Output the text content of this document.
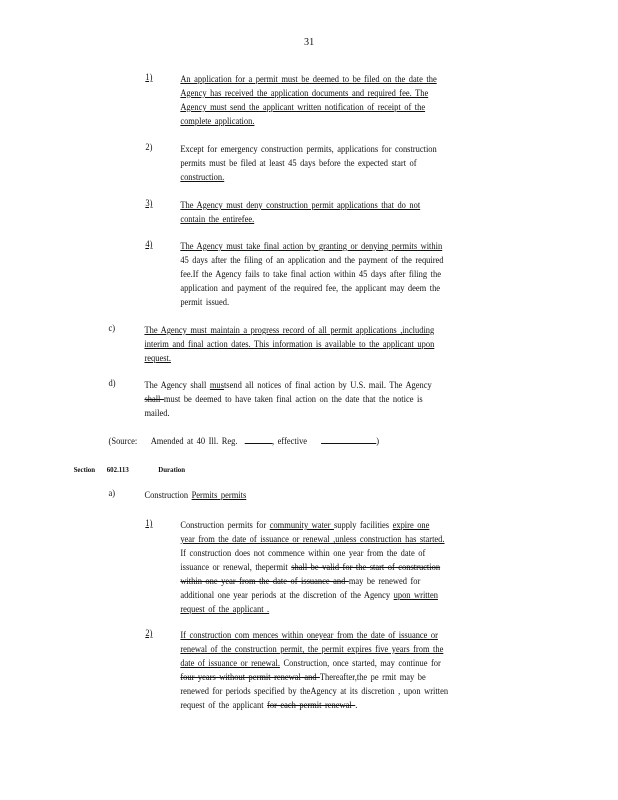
31
1)	An application for a permit must be deemed to be filed on the date the
Agency has received the application documents and required fee. The
Agency must send the applicant written notification of receipt of the
complete application.
2)	Except for emergency construction permits, applications for construction
permits must be filed at least 45 days before the expected start of
construction.
3)	The Agency must deny construction permit applications that do not
contain the entirefee.
4)	The Agency must take final action by granting or denying permits within
45 days after the filing of an application and the payment of the required
fee.If the Agency fails to take final action within 45 days after filing the
application and payment of the required fee, the applicant may deem the
permit issued.
c)	The Agency must maintain a progress record of all permit applications ,including
interim and final action dates. This information is available to the applicant upon
request.
d)	The Agency shall mustsend all notices of final action by U.S. mail. The Agency
shall must be deemed to have taken final action on the date that the notice is
mailed.
(Source: Amended at 40 Ill. Reg.	, effective	)
Section 602.113	Duration
a)	Construction Permits permits
1)	Construction permits for community water supply facilities expire one
year from the date of issuance or renewal ,unless construction has started.
If construction does not commence within one year from the date of
issuance or renewal, thepermit shall be valid for the start of construction
within one year from the date of issuance and may be renewed for
additional one year periods at the discretion of the Agency upon written
request of the applicant .
2)	If construction com mences within oneyear from the date of issuance or
renewal of the construction permit, the permit expires five years from the
date of issuance or renewal. Construction, once started, may continue for
four years without permit renewal and Thereafter,the pe rmit may be
renewed for periods specified by theAgency at its discretion , upon written
request of the applicant for each permit renewal .
